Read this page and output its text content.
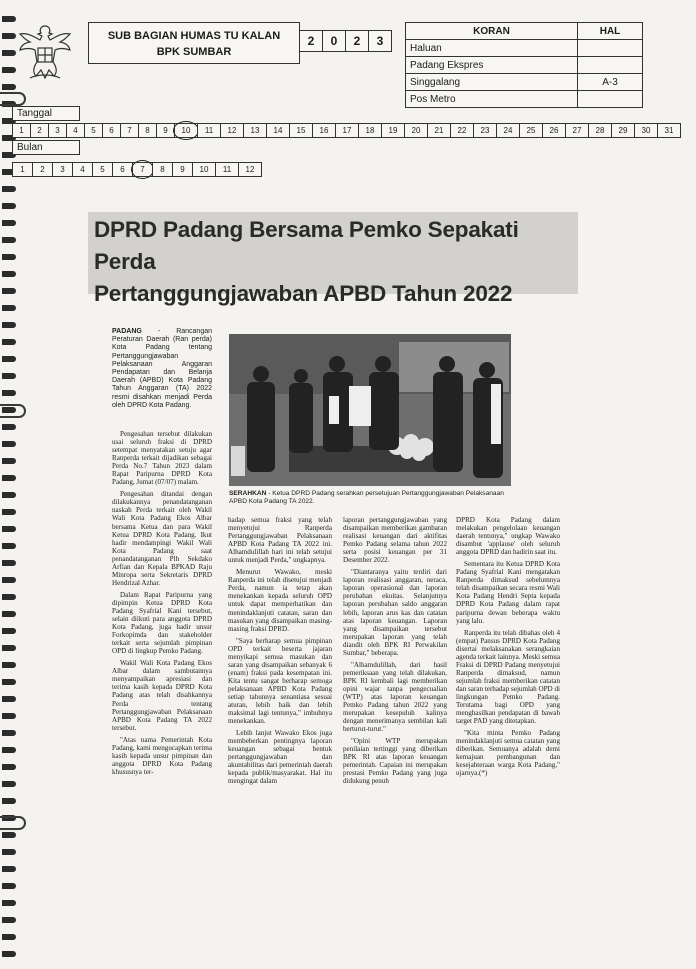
SUB BAGIAN HUMAS TU KALAN
BPK SUMBAR
2	0	2	3
KORAN	HAL
Haluan	
Padang Ekspres	
Singgalang	A-3
Pos Metro	
Tanggal
1	2	3	4	5	6	7	8	9	10	11	12	13	14	15	16	17	18	19	20	21	22	23	24	25	26	27	28	29	30	31
Bulan
1	2	3	4	5	6	7	8	9	10	11	12
DPRD Padang Bersama Pemko Sepakati Perda
Pertanggungjawaban APBD Tahun 2022

PADANG - Rancangan Peraturan Daerah (Ran perda) Kota Padang tentang Pertanggungjawaban Pelaksanaan Anggaran Pendapatan dan Belanja Daerah (APBD) Kota Padang Tahun Anggaran (TA) 2022 resmi disahkan menjadi Perda oleh DPRD Kota Padang.

SERAHKAN - Ketua DPRD Padang serahkan persetujuan Pertanggungjawaban Pelaksanaan APBD Kota Padang TA 2022.

Pengesahan tersebut dilakukan usai seluruh fraksi di DPRD setempat menyatakan setuju agar Ranperda terkait dijadikan sebagai Perda No.7 Tahun 2023 dalam Rapat Paripurna DPRD Kota Padang, Jumat (07/07) malam.

Pengesahan ditandai dengan dilakukannya penandatanganan naskah Perda terkait oleh Wakil Wali Kota Padang Ekos Albar bersama Ketua dan para Wakil Ketua DPRD Kota Padang. Ikut hadir mendampingi Wakil Wali Kota Padang saat penandatanganan Plh Sekdako Arfian dan Kepala BPKAD Raju Minropa serta Sekretaris DPRD Hendrizal Azhar.

Dalam Rapat Paripurna yang dipimpin Ketua DPRD Kota Padang Syafrial Kani tersebut, selain diikuti para anggota DPRD Kota Padang, juga hadir unsur Forkopimda dan stakeholder terkait serta sejumlah pimpinan OPD di lingkup Pemko Padang.

Wakil Wali Kota Padang Ekos Albar dalam sambutannya menyampaikan apresiasi dan terima kasih kepada DPRD Kota Padang atas telah disahkannya Perda tentang Pertanggungjawaban Pelaksanaan APBD Kota Padang TA 2022 tersebut.

"Atas nama Pemerintah Kota Padang, kami mengucapkan terima kasih kepada unsur pimpinan dan anggota DPRD Kota Padang khususnya ter-

hadap semua fraksi yang telah menyetujui Ranperda Pertanggungjawaban Pelaksanaan APBD Kota Padang TA 2022 ini. Alhamdulillah hari ini telah setujui untuk menjadi Perda," ungkapnya.

Menurut Wawako, meski Ranperda ini telah disetujui menjadi Perda, namun ia tetap akan menekankan kepada seluruh OPD untuk dapat memperhatikan dan menindaklanjuti catatan, saran dan masukan yang disampaikan masing-masing fraksi DPRD.

"Saya berharap semua pimpinan OPD terkait beserta jajaran menyikapi semua masukan dan saran yang disampaikan sebanyak 6 (enam) fraksi pada kesempatan ini. Kita tentu sangat berharap semoga pelaksanaan APBD Kota Padang setiap tahunnya senantiasa sesuai aturan, lebih baik dan lebih maksimal lagi tentunya," imbuhnya menekankan.

Lebih lanjut Wawako Ekos juga membeberkan pentingnya laporan keuangan sebagai bentuk pertanggungjawaban dan akuntabilitas dari pemerintah daerah kepada publik/masyarakat. Hal itu mengingat dalam

laporan pertanggungjawaban yang disampaikan memberikan gambaran realisasi keuangan dari aktifitas Pemko Padang selama tahun 2022 serta posisi keuangan per 31 Desember 2022.

"Diantaranya yaitu terdiri dari laporan realisasi anggaran, neraca, laporan operasional dan laporan perubahan ekuitas. Selanjutnya laporan perubahan saldo anggaran lebih, laporan arus kas dan catatan atas laporan keuangan. Laporan yang disampaikan tersebut merupakan laporan yang telah diaudit oleh BPK RI Perwakilan Sumbar," beberapa.

"Alhamdulillah, dari hasil pemeriksaan yang telah dilakukan, BPK RI kembali lagi memberikan opini wajar tanpa pengecualian (WTP) atas laporan keuangan Pemko Padang tahun 2022 yang merupakan kesepuluh kalinya dengan menerimanya sembilan kali berturut-turut."

"Opini WTP merupakan penilaian tertinggi yang diberikan BPK RI atas laporan keuangan pemerintah. Capaian ini merupakan prestasi Pemko Padang yang juga didukung penuh

DPRD Kota Padang dalam melakukan pengelolaan keuangan daerah tentunya," ungkap Wawako disambut 'applause' oleh seluruh anggota DPRD dan hadirin saat itu.

Sementara itu Ketua DPRD Kota Padang Syafrial Kani mengatakan Ranperda dimaksud sebelumnya telah disampaikan secara resmi Wali Kota Padang Hendri Septa kepada DPRD Kota Padang dalam rapat paripurna dewan beberapa waktu yang lalu.

Ranperda itu telah dibahas oleh 4 (empat) Pansus DPRD Kota Padang disertai melaksanakan serangkaian agenda terkait lainnya. Meski semua Fraksi di DPRD Padang menyetujui Ranperda dimaksud, namun sejumlah fraksi memberikan catatan dan saran terhadap sejumlah OPD di lingkungan Pemko Padang. Terutama bagi OPD yang menghasilkan pendapatan di bawah target PAD yang ditetapkan.

"Kita minta Pemko Padang menindaklanjuti semua catatan yang diberikan. Semuanya adalah demi kemajuan pembangunan dan kesejahteraan warga Kota Padang," ujarnya.(*)
